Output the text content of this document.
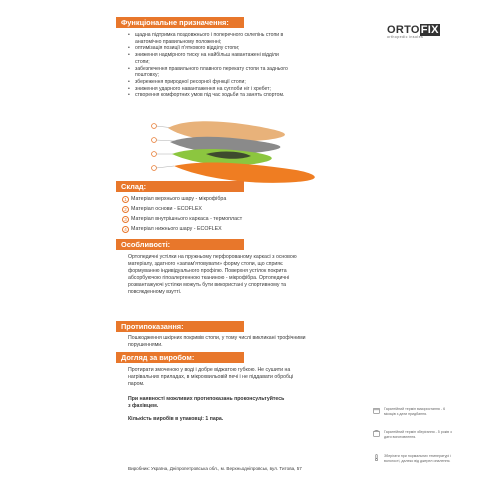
Функціональне призначення:
• щадна підтримка поздовжнього і поперечного склепінь стопи в анатомічно правильному положенні;
• оптимізація позиції п'яткового відділу стопи;
• зниження надмірного тиску на найбільш навантажені відділи стопи;
• забезпечення правильного плавного перекату стопи та заднього поштовху;
• збереження природної ресорної функції стопи;
• зниження ударного навантаження на суглоби ніг і хребет;
• створення комфортних умов під час ходьби та занять спортом.
Склад:
1 Матеріал верхнього шару - мікрофібра
2 Матеріал основи - ECOFLEX
3 Матеріал внутрішнього каркаса - термопласт
4 Матеріал нижнього шару - ECOFLEX
Особливості:
Ортопедичні устілки на пружньому перфорованому каркасі з основою матеріалу, здатного «запам'ятовувати» форму стопи, що сприяє формуванню індивідуального профілю. Поверхня устілок покрита абсорбуючою гіпоалергенною тканиною - мікрофібра. Ортопедичні розвантажуючі устілки можуть бути використані у спортивному та повсякденному взутті.
Протипоказання:
Пошкодження шкірних покривів стопи, у тому числі викликані трофічними порушеннями.
Догляд за виробом:
Протирати змоченою у воді і добре віджатою губкою. Не сушити на нагрівальних приладах, в мікрохвильовій печі і не піддавати обробці паром.
При наявності можливих протипоказань проконсультуйтесь з фахівцем.
Кількість виробів в упаковці: 1 пара.
Виробник: Україна, Дніпропетровська обл., м. Верхньодніпровськ, вул. Титова, 57
ORTOFIX
orthopedic insoles
Гарантійний термін використання - 6 місяців з дати придбання.
Гарантійний термін зберігання - 5 років з дати виготовлення.
Зберігати при нормальних температурі і вологості, далеко від джерел опалення.
